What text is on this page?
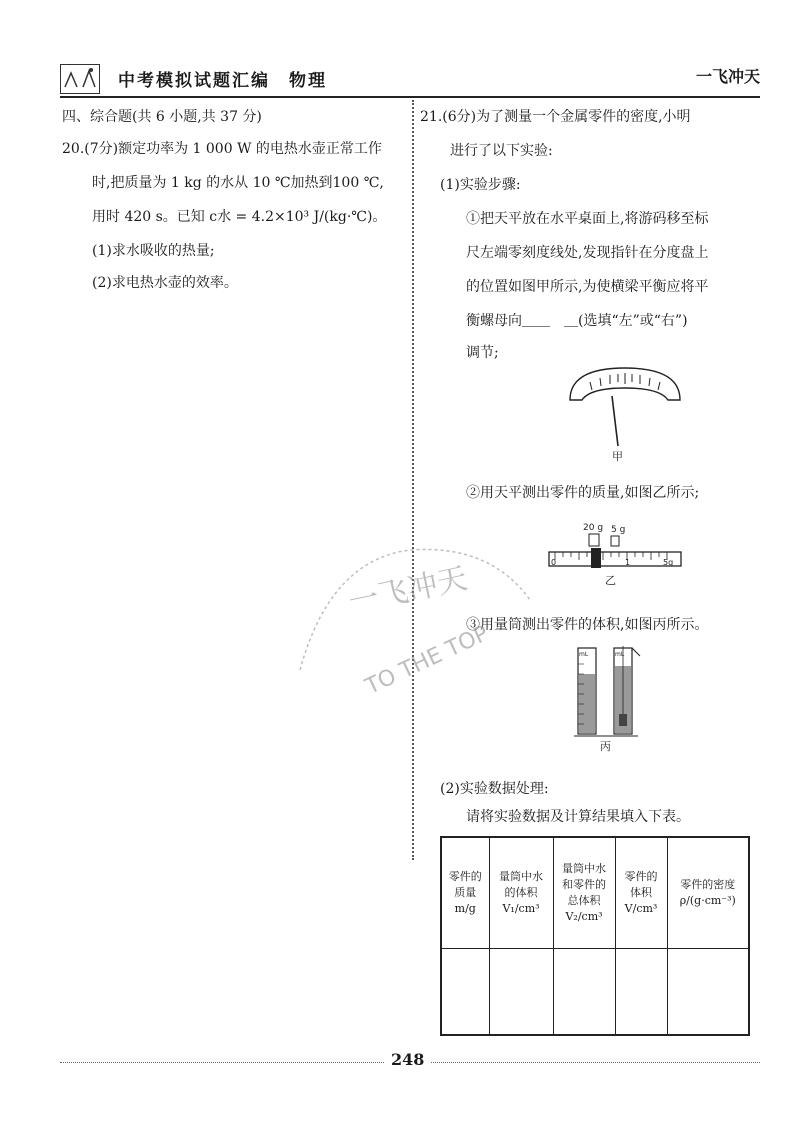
中考模拟试题汇编　物理	一飞冲天
四、综合题(共 6 小题,共 37 分)
20.(7分)额定功率为 1 000 W 的电热水壶正常工作
时,把质量为 1 kg 的水从 10 ℃加热到100 ℃,
用时 420 s。已知 c水 = 4.2×10³ J/(kg·℃)。
(1)求水吸收的热量;
(2)求电热水壶的效率。
21.(6分)为了测量一个金属零件的密度,小明
进行了以下实验:
(1)实验步骤:
①把天平放在水平桌面上,将游码移至标
尺左端零刻度线处,发现指针在分度盘上
的位置如图甲所示,为使横梁平衡应将平
衡螺母向＿＿　＿(选填“左”或“右”)
调节;
甲
②用天平测出零件的质量,如图乙所示;
20 g 5 g
0	1	5g
乙
③用量筒测出零件的体积,如图丙所示。
mL	mL
丙
(2)实验数据处理:
请将实验数据及计算结果填入下表。
零件的
质量
m/g	量筒中水
的体积
V₁/cm³	量筒中水
和零件的
总体积
V₂/cm³	零件的
体积
V/cm³	零件的密度
ρ/(g·cm⁻³)

一飞冲天
TO THE TOP
248
